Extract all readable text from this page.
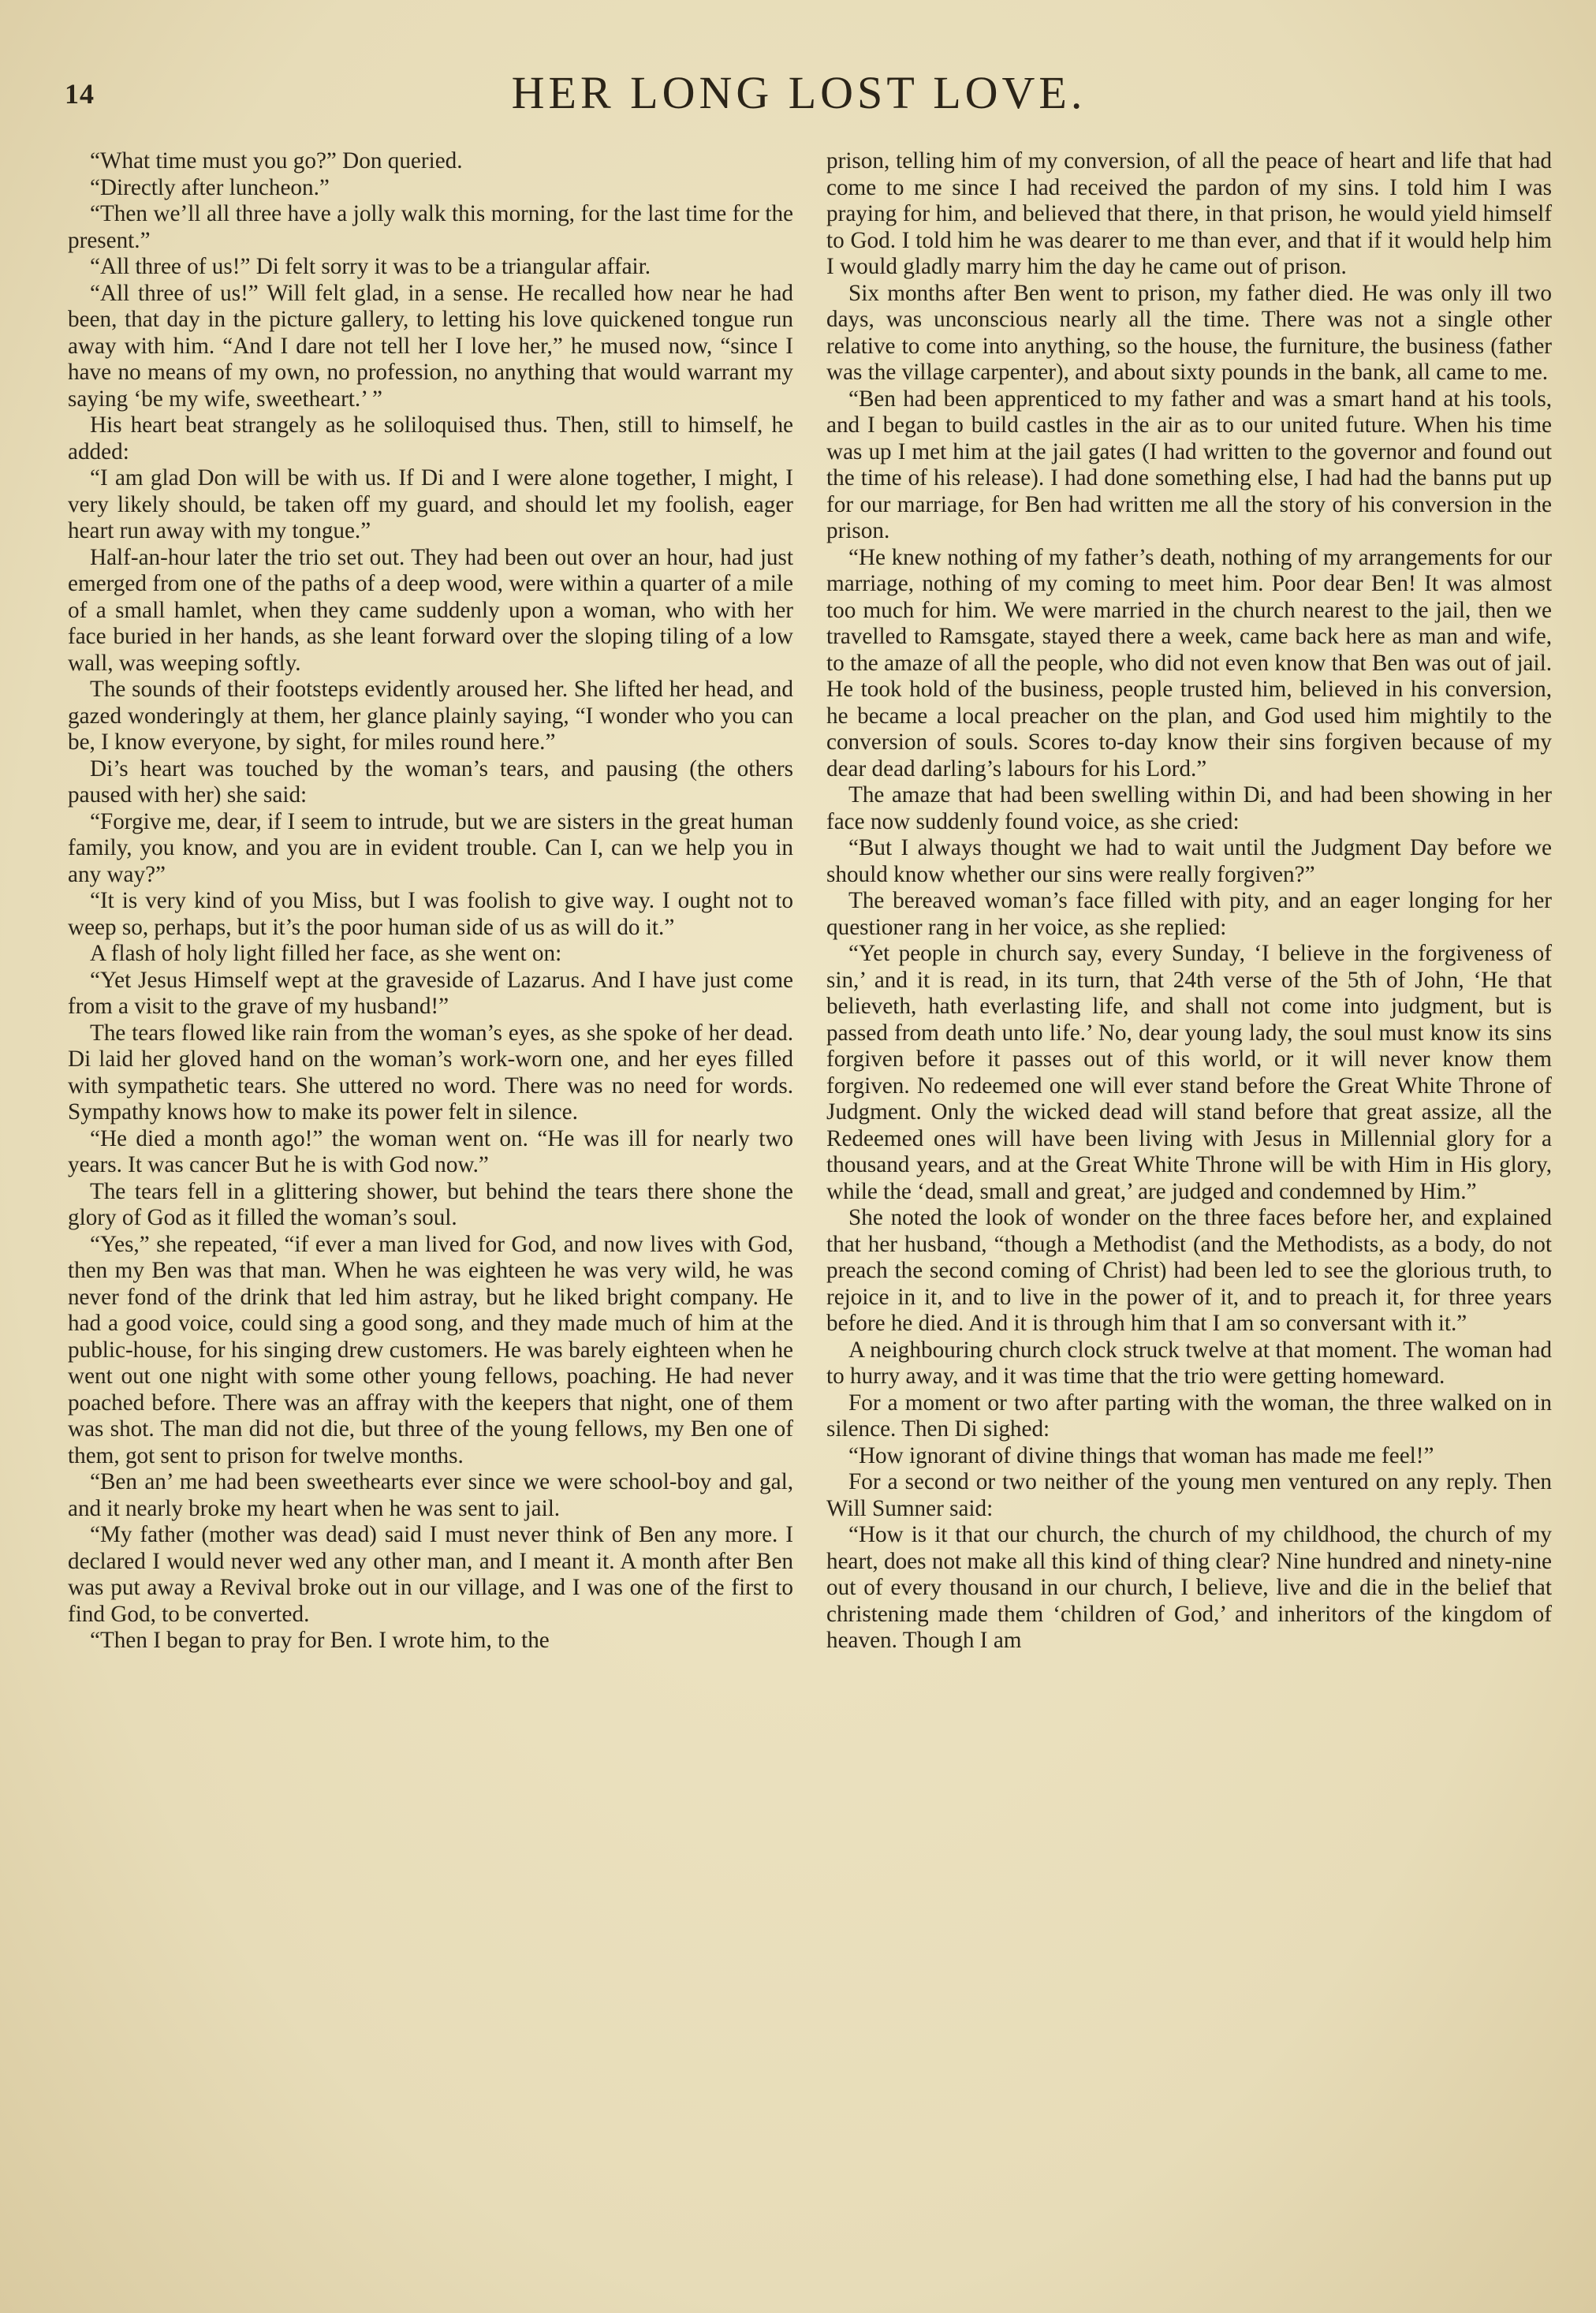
14	HER LONG LOST LOVE.

“What time must you go?” Don queried.

“Directly after luncheon.”

“Then we’ll all three have a jolly walk this morning, for the last time for the present.”

“All three of us!” Di felt sorry it was to be a triangular affair.

“All three of us!” Will felt glad, in a sense. He recalled how near he had been, that day in the picture gallery, to letting his love quickened tongue run away with him. “And I dare not tell her I love her,” he mused now, “since I have no means of my own, no profession, no anything that would warrant my saying ‘be my wife, sweetheart.’ ”

His heart beat strangely as he soliloquised thus. Then, still to himself, he added:

“I am glad Don will be with us. If Di and I were alone together, I might, I very likely should, be taken off my guard, and should let my foolish, eager heart run away with my tongue.”

Half-an-hour later the trio set out. They had been out over an hour, had just emerged from one of the paths of a deep wood, were within a quarter of a mile of a small hamlet, when they came suddenly upon a woman, who with her face buried in her hands, as she leant forward over the sloping tiling of a low wall, was weeping softly.

The sounds of their footsteps evidently aroused her. She lifted her head, and gazed wonderingly at them, her glance plainly saying, “I wonder who you can be, I know everyone, by sight, for miles round here.”

Di’s heart was touched by the woman’s tears, and pausing (the others paused with her) she said:

“Forgive me, dear, if I seem to intrude, but we are sisters in the great human family, you know, and you are in evident trouble. Can I, can we help you in any way?”

“It is very kind of you Miss, but I was foolish to give way. I ought not to weep so, perhaps, but it’s the poor human side of us as will do it.”

A flash of holy light filled her face, as she went on:

“Yet Jesus Himself wept at the graveside of Lazarus. And I have just come from a visit to the grave of my husband!”

The tears flowed like rain from the woman’s eyes, as she spoke of her dead. Di laid her gloved hand on the woman’s work-worn one, and her eyes filled with sympathetic tears. She uttered no word. There was no need for words. Sympathy knows how to make its power felt in silence.

“He died a month ago!” the woman went on. “He was ill for nearly two years. It was cancer But he is with God now.”

The tears fell in a glittering shower, but behind the tears there shone the glory of God as it filled the woman’s soul.

“Yes,” she repeated, “if ever a man lived for God, and now lives with God, then my Ben was that man. When he was eighteen he was very wild, he was never fond of the drink that led him astray, but he liked bright company. He had a good voice, could sing a good song, and they made much of him at the public-house, for his singing drew customers. He was barely eighteen when he went out one night with some other young fellows, poaching. He had never poached before. There was an affray with the keepers that night, one of them was shot. The man did not die, but three of the young fellows, my Ben one of them, got sent to prison for twelve months.

“Ben an’ me had been sweethearts ever since we were school-boy and gal, and it nearly broke my heart when he was sent to jail.

“My father (mother was dead) said I must never think of Ben any more. I declared I would never wed any other man, and I meant it. A month after Ben was put away a Revival broke out in our village, and I was one of the first to find God, to be converted.

“Then I began to pray for Ben. I wrote him, to the

prison, telling him of my conversion, of all the peace of heart and life that had come to me since I had received the pardon of my sins. I told him I was praying for him, and believed that there, in that prison, he would yield himself to God. I told him he was dearer to me than ever, and that if it would help him I would gladly marry him the day he came out of prison.

Six months after Ben went to prison, my father died. He was only ill two days, was unconscious nearly all the time. There was not a single other relative to come into anything, so the house, the furniture, the business (father was the village carpenter), and about sixty pounds in the bank, all came to me.

“Ben had been apprenticed to my father and was a smart hand at his tools, and I began to build castles in the air as to our united future. When his time was up I met him at the jail gates (I had written to the governor and found out the time of his release). I had done something else, I had had the banns put up for our marriage, for Ben had written me all the story of his conversion in the prison.

“He knew nothing of my father’s death, nothing of my arrangements for our marriage, nothing of my coming to meet him. Poor dear Ben! It was almost too much for him. We were married in the church nearest to the jail, then we travelled to Ramsgate, stayed there a week, came back here as man and wife, to the amaze of all the people, who did not even know that Ben was out of jail. He took hold of the business, people trusted him, believed in his conversion, he became a local preacher on the plan, and God used him mightily to the conversion of souls. Scores to-day know their sins forgiven because of my dear dead darling’s labours for his Lord.”

The amaze that had been swelling within Di, and had been showing in her face now suddenly found voice, as she cried:

“But I always thought we had to wait until the Judgment Day before we should know whether our sins were really forgiven?”

The bereaved woman’s face filled with pity, and an eager longing for her questioner rang in her voice, as she replied:

“Yet people in church say, every Sunday, ‘I believe in the forgiveness of sin,’ and it is read, in its turn, that 24th verse of the 5th of John, ‘He that believeth, hath everlasting life, and shall not come into judgment, but is passed from death unto life.’ No, dear young lady, the soul must know its sins forgiven before it passes out of this world, or it will never know them forgiven. No redeemed one will ever stand before the Great White Throne of Judgment. Only the wicked dead will stand before that great assize, all the Redeemed ones will have been living with Jesus in Millennial glory for a thousand years, and at the Great White Throne will be with Him in His glory, while the ‘dead, small and great,’ are judged and condemned by Him.”

She noted the look of wonder on the three faces before her, and explained that her husband, “though a Methodist (and the Methodists, as a body, do not preach the second coming of Christ) had been led to see the glorious truth, to rejoice in it, and to live in the power of it, and to preach it, for three years before he died. And it is through him that I am so conversant with it.”

A neighbouring church clock struck twelve at that moment. The woman had to hurry away, and it was time that the trio were getting homeward.

For a moment or two after parting with the woman, the three walked on in silence. Then Di sighed:

“How ignorant of divine things that woman has made me feel!”

For a second or two neither of the young men ventured on any reply. Then Will Sumner said:

“How is it that our church, the church of my childhood, the church of my heart, does not make all this kind of thing clear? Nine hundred and ninety-nine out of every thousand in our church, I believe, live and die in the belief that christening made them ‘children of God,’ and inheritors of the kingdom of heaven. Though I am
